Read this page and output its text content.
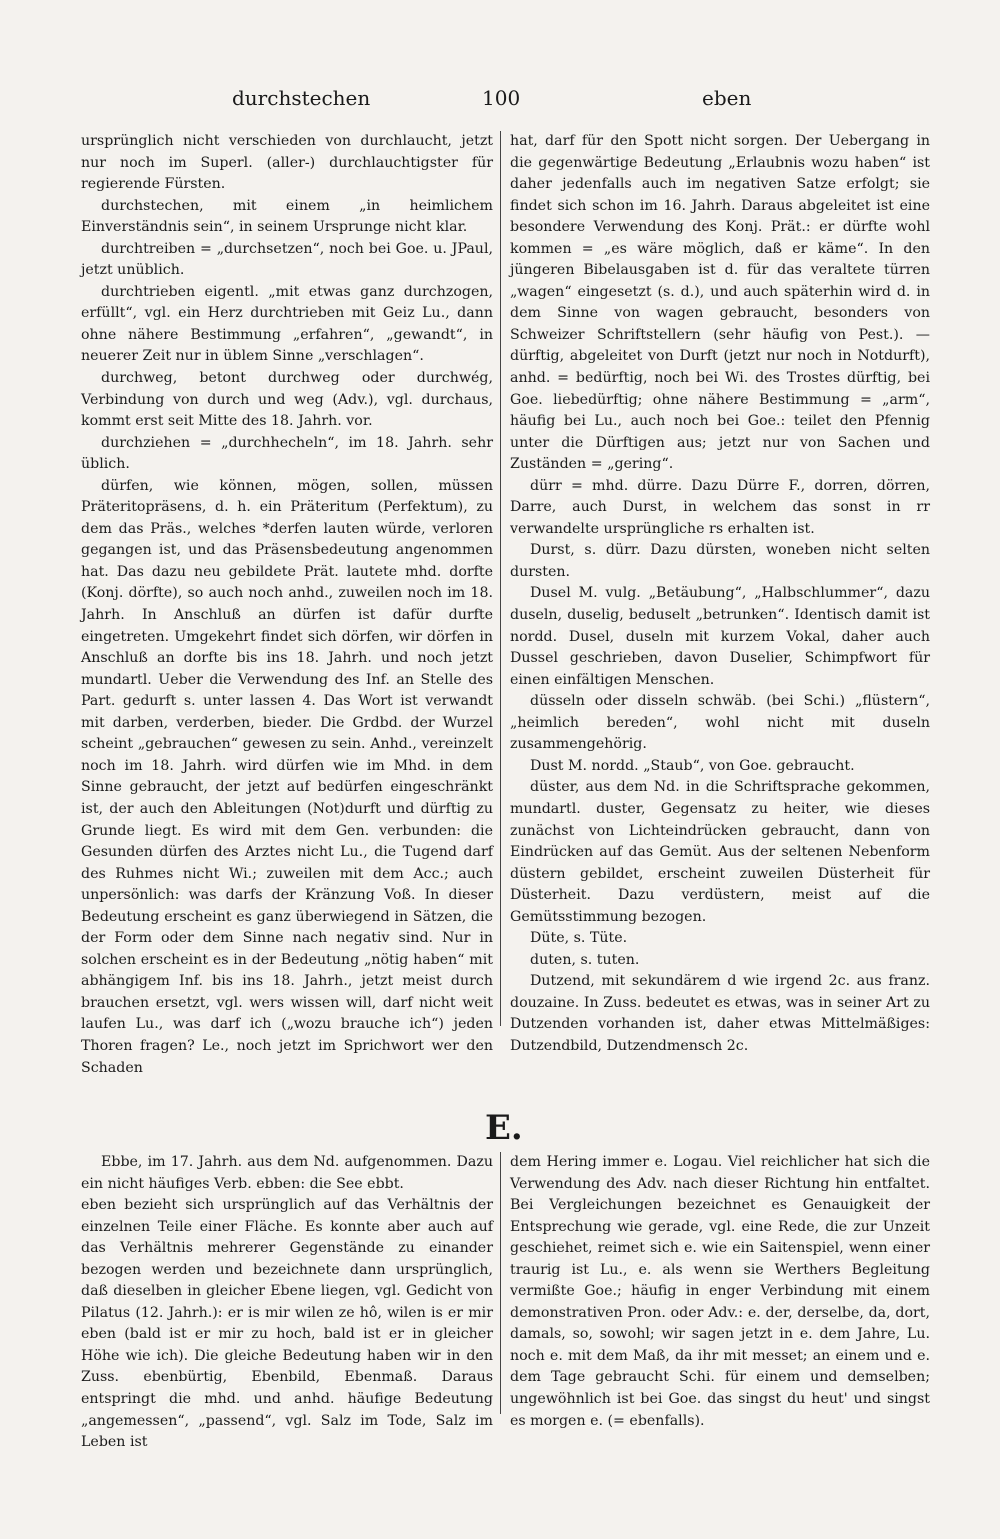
durchstechen	100	eben

ursprünglich nicht verschieden von durchlaucht, jetzt nur noch im Superl. (aller-) durchlauchtigster für regierende Fürsten.

durchstechen, mit einem „in heimlichem Einverständnis sein“, in seinem Ursprunge nicht klar.

durchtreiben = „durchsetzen“, noch bei Goe. u. JPaul, jetzt unüblich.

durchtrieben eigentl. „mit etwas ganz durchzogen, erfüllt“, vgl. ein Herz durchtrieben mit Geiz Lu., dann ohne nähere Bestimmung „erfahren“, „gewandt“, in neuerer Zeit nur in üblem Sinne „verschlagen“.

durchweg, betont durchweg oder durchwég, Verbindung von durch und weg (Adv.), vgl. durchaus, kommt erst seit Mitte des 18. Jahrh. vor.

durchziehen = „durchhecheln“, im 18. Jahrh. sehr üblich.

dürfen, wie können, mögen, sollen, müssen Präteritopräsens, d. h. ein Präteritum (Perfektum), zu dem das Präs., welches *derfen lauten würde, verloren gegangen ist, und das Präsensbedeutung angenommen hat. Das dazu neu gebildete Prät. lautete mhd. dorfte (Konj. dörfte), so auch noch anhd., zuweilen noch im 18. Jahrh. In Anschluß an dürfen ist dafür durfte eingetreten. Umgekehrt findet sich dörfen, wir dörfen in Anschluß an dorfte bis ins 18. Jahrh. und noch jetzt mundartl. Ueber die Verwendung des Inf. an Stelle des Part. gedurft s. unter lassen 4. Das Wort ist verwandt mit darben, verderben, bieder. Die Grdbd. der Wurzel scheint „gebrauchen“ gewesen zu sein. Anhd., vereinzelt noch im 18. Jahrh. wird dürfen wie im Mhd. in dem Sinne gebraucht, der jetzt auf bedürfen eingeschränkt ist, der auch den Ableitungen (Not)durft und dürftig zu Grunde liegt. Es wird mit dem Gen. verbunden: die Gesunden dürfen des Arztes nicht Lu., die Tugend darf des Ruhmes nicht Wi.; zuweilen mit dem Acc.; auch unpersönlich: was darfs der Kränzung Voß. In dieser Bedeutung erscheint es ganz überwiegend in Sätzen, die der Form oder dem Sinne nach negativ sind. Nur in solchen erscheint es in der Bedeutung „nötig haben“ mit abhängigem Inf. bis ins 18. Jahrh., jetzt meist durch brauchen ersetzt, vgl. wers wissen will, darf nicht weit laufen Lu., was darf ich („wozu brauche ich“) jeden Thoren fragen? Le., noch jetzt im Sprichwort wer den Schaden

hat, darf für den Spott nicht sorgen. Der Uebergang in die gegenwärtige Bedeutung „Erlaubnis wozu haben“ ist daher jedenfalls auch im negativen Satze erfolgt; sie findet sich schon im 16. Jahrh. Daraus abgeleitet ist eine besondere Verwendung des Konj. Prät.: er dürfte wohl kommen = „es wäre möglich, daß er käme“. In den jüngeren Bibelausgaben ist d. für das veraltete türren „wagen“ eingesetzt (s. d.), und auch späterhin wird d. in dem Sinne von wagen gebraucht, besonders von Schweizer Schriftstellern (sehr häufig von Pest.). — dürftig, abgeleitet von Durft (jetzt nur noch in Notdurft), anhd. = bedürftig, noch bei Wi. des Trostes dürftig, bei Goe. liebedürftig; ohne nähere Bestimmung = „arm“, häufig bei Lu., auch noch bei Goe.: teilet den Pfennig unter die Dürftigen aus; jetzt nur von Sachen und Zuständen = „gering“.

dürr = mhd. dürre. Dazu Dürre F., dorren, dörren, Darre, auch Durst, in welchem das sonst in rr verwandelte ursprüngliche rs erhalten ist.

Durst, s. dürr. Dazu dürsten, woneben nicht selten dursten.

Dusel M. vulg. „Betäubung“, „Halbschlummer“, dazu duseln, duselig, beduselt „betrunken“. Identisch damit ist nordd. Dusel, duseln mit kurzem Vokal, daher auch Dussel geschrieben, davon Duselier, Schimpfwort für einen einfältigen Menschen.

düsseln oder disseln schwäb. (bei Schi.) „flüstern“, „heimlich bereden“, wohl nicht mit duseln zusammengehörig.

Dust M. nordd. „Staub“, von Goe. gebraucht.

düster, aus dem Nd. in die Schriftsprache gekommen, mundartl. duster, Gegensatz zu heiter, wie dieses zunächst von Lichteindrücken gebraucht, dann von Eindrücken auf das Gemüt. Aus der seltenen Nebenform düstern gebildet, erscheint zuweilen Düsterheit für Düsterheit. Dazu verdüstern, meist auf die Gemütsstimmung bezogen.

Düte, s. Tüte.

duten, s. tuten.

Dutzend, mit sekundärem d wie irgend 2c. aus franz. douzaine. In Zuss. bedeutet es etwas, was in seiner Art zu Dutzenden vorhanden ist, daher etwas Mittelmäßiges: Dutzendbild, Dutzendmensch 2c.

E.

Ebbe, im 17. Jahrh. aus dem Nd. aufgenommen. Dazu ein nicht häufiges Verb. ebben: die See ebbt.

eben bezieht sich ursprünglich auf das Verhältnis der einzelnen Teile einer Fläche. Es konnte aber auch auf das Verhältnis mehrerer Gegenstände zu einander bezogen werden und bezeichnete dann ursprünglich, daß dieselben in gleicher Ebene liegen, vgl. Gedicht von Pilatus (12. Jahrh.): er is mir wilen ze hô, wilen is er mir eben (bald ist er mir zu hoch, bald ist er in gleicher Höhe wie ich). Die gleiche Bedeutung haben wir in den Zuss. ebenbürtig, Ebenbild, Ebenmaß. Daraus entspringt die mhd. und anhd. häufige Bedeutung „angemessen“, „passend“, vgl. Salz im Tode, Salz im Leben ist

dem Hering immer e. Logau. Viel reichlicher hat sich die Verwendung des Adv. nach dieser Richtung hin entfaltet. Bei Vergleichungen bezeichnet es Genauigkeit der Entsprechung wie gerade, vgl. eine Rede, die zur Unzeit geschiehet, reimet sich e. wie ein Saitenspiel, wenn einer traurig ist Lu., e. als wenn sie Werthers Begleitung vermißte Goe.; häufig in enger Verbindung mit einem demonstrativen Pron. oder Adv.: e. der, derselbe, da, dort, damals, so, sowohl; wir sagen jetzt in e. dem Jahre, Lu. noch e. mit dem Maß, da ihr mit messet; an einem und e. dem Tage gebraucht Schi. für einem und demselben; ungewöhnlich ist bei Goe. das singst du heut' und singst es morgen e. (= ebenfalls).
